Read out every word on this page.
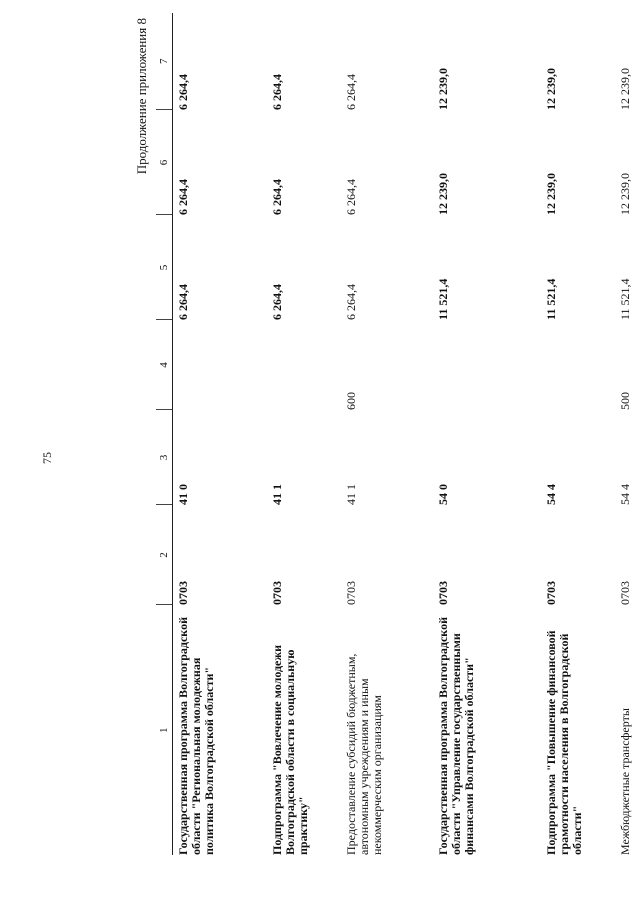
75
Продолжение приложения 8
1	2	3	4	5	6	7
Государственная программа Волгоградской области "Региональная молодежная политика Волгоградской области"	0703	41 0		6 264,4	6 264,4	6 264,4
Подпрограмма "Вовлечение молодежи Волгоградской области в социальную практику"	0703	41 1		6 264,4	6 264,4	6 264,4
Предоставление субсидий бюджетным, автономным учреждениям и иным некоммерческим организациям	0703	41 1	600	6 264,4	6 264,4	6 264,4
Государственная программа Волгоградской области "Управление государственными финансами Волгоградской области"	0703	54 0		11 521,4	12 239,0	12 239,0
Подпрограмма "Повышение финансовой грамотности населения в Волгоградской области"	0703	54 4		11 521,4	12 239,0	12 239,0
Межбюджетные трансферты	0703	54 4	500	11 521,4	12 239,0	12 239,0
